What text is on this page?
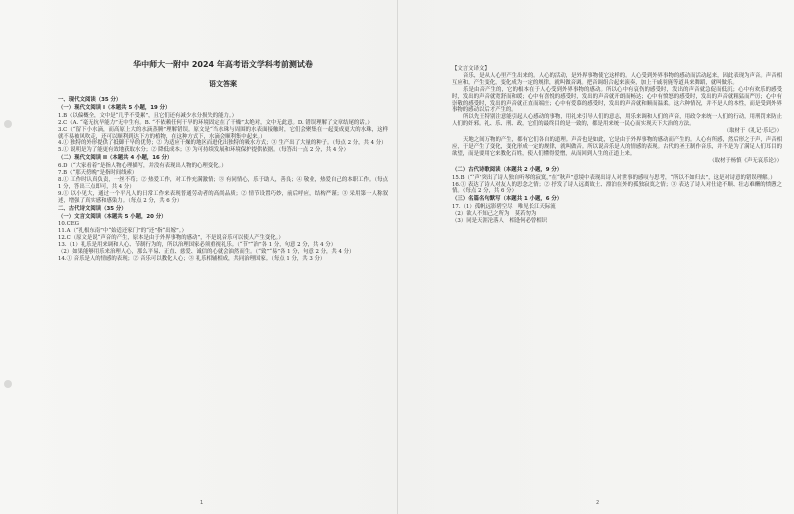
华中师大一附中 2024 年高考语文学科考前测试卷
语文答案
一、现代文阅读（35 分）
（一）现代文阅读 I（本题共 5 小题，19 分）
1.B（以偏概全，文中是“几乎不受累”，且它们还有减少水分损失的能力。）
2.C（A. “毫无抗旱能力”无中生有。B. “不依赖任何干旱的环境固定在了干燥”太绝对，文中无此意。D. 错误理解了文章结尾的话。）
3.C（“留下小水滴，而高原上大的水滴蒸腾”理解错误。原文是“当水珠与周围的水表面接触时，它们会聚集在一起变成更大的水珠，这样就不易被风吹走，还可以顺利到达下方的植物，在这种方式下，水滴会顺利集中起来。）
4.① 独特的外形提供了抵御干旱的优势；② 为适应干燥的地区而进化出独特的吸水方式；③ 生产出了大量的种子。（每点 2 分，共 4 分）
5.① 说明是为了能更有效地获取水分；② 降低成本；③ 为可持续发展和环境保护提供依据。（每答出一点 2 分，共 4 分）
（二）现代文阅读 II（本题共 4 小题，16 分）
6.D（“大家看着”是指人物心理描写，并没有表现出人物的心理变化。）
7.B（“那天傍晚”是指时间线索）
8.① 工作时认真负责，一丝不苟；② 热爱工作，对工作充满激情；③ 有同情心，乐于助人，善良；④ 敬业，热爱自己的本职工作。（每点 1 分，答出三点即可，共 4 分）
9.① 以小见大，通过一个平凡人的日常工作来表现普通劳动者的高尚品质；② 情节设置巧妙，前后呼应，结构严谨；③ 采用第一人称叙述，增强了真实感和感染力。（每点 2 分，共 6 分）
二、古代诗文阅读（35 分）
（一）文言文阅读（本题共 5 小题，20 分）
10.CEG
11.A（“扎根东南”中“始适还家门”的“还”指“出嫁”。）
12.C（原文是说“声音的产生，原本是由于外界事物的感动”，不是说音乐可以使人产生变化。）
13.（1）礼乐是用来调和人心、节制行为的，所以治理国家必须重视礼乐。（“节”“治”各 1 分，句意 2 分，共 4 分）
（2）如果能够用乐来治理人心，那么平易、正直、慈爱、诚信的心就会油然而生。（“致”“易”各 1 分，句意 2 分，共 4 分）
14.① 音乐是人的情感的表现；② 音乐可以教化人心；③ 礼乐相辅相成，共同治理国家。（每点 1 分，共 3 分）
【文言文译文】
音乐，是从人心里产生出来的。人心的活动，是外界事物使它这样的。人心受到外界事物的感动而活动起来，因此表现为声音。声音相互应和，产生变化，变化成为一定的规律，就叫做音调。把音调组合起来演奏，加上干戚羽旄等道具来舞蹈，就叫做乐。
乐是由音产生的，它的根本在于人心受到外界事物的感动。所以心中有哀伤的感受时，发出的声音就急促而低沉；心中有欢乐的感受时，发出的声音就宽舒而和缓；心中有喜悦的感受时，发出的声音就开朗而畅达；心中有愤怒的感受时，发出的声音就粗猛而严厉；心中有崇敬的感受时，发出的声音就正直而端庄；心中有爱慕的感受时，发出的声音就和顺而温柔。这六种情况，并不是人的本性，而是受到外界事物的感动以后才产生的。
所以先王特别注意能引起人心感动的事物，用礼来引导人们的意志，用乐来调和人们的声音，用政令来统一人们的行动，用刑罚来防止人们的奸邪。礼、乐、刑、政，它们的最终目的是一致的，都是用来统一民心而实现天下大治的方法。
（取材于《礼记·乐记》）
天地之间万物的产生，都有它们各自的道理。声音也是如此，它是由于外界事物的感动而产生的。人心有所感，然后形之于声，声音相应，于是产生了变化，变化形成一定的规律，就叫做音。所以说音乐是人的情感的表现。古代的圣王制作音乐，并不是为了满足人们耳目的欲望，而是要用它来教化百姓，使人们懂得爱憎，从而回到人生的正道上来。
（取材于杨慎《声无哀乐论》）
（二）古代诗歌阅读（本题共 2 小题，9 分）
15.B（“‘声’突出了诗人独自听琴的寂寞，”在“秋声”意境中表现出诗人对世事的感叹与思考，“所以不如归去”，这是对诗意的错误理解。）
16.① 表达了诗人对友人的思念之情；② 抒发了诗人远离故土、漂泊在外的孤独寂寞之情；③ 表达了诗人对仕途不顺、壮志难酬的愤懑之情。（每点 2 分，共 6 分）
（三）名篇名句默写（本题共 1 小题，6 分）
17.（1）孤帆远影碧空尽　唯见长江天际流
（2）欲人不知己之所为　莫若勿为
（3）同是天涯沦落人　相逢何必曾相识
1	2
